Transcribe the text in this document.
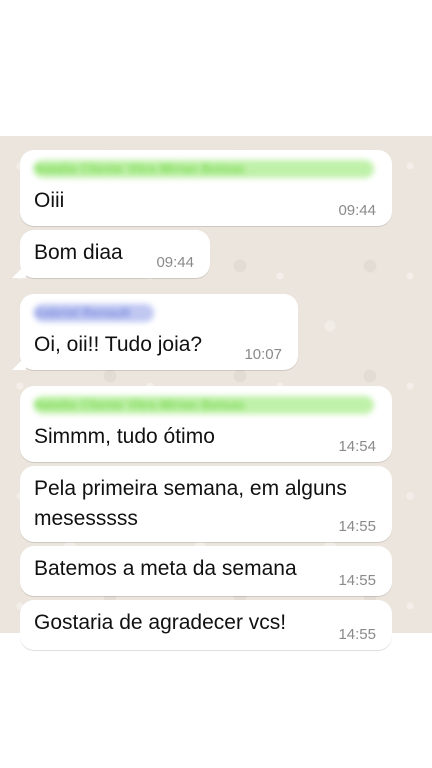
Natalia Cliente Vitra Mirian Botsas
Oiii	09:44
Bom diaa 09:44
Gabriel Renault
Oi, oii!! Tudo joia?	10:07
Natalia Cliente Vitra Mirian Botsas
Simmm, tudo ótimo	14:54
Pela primeira semana, em alguns
mesesssss	14:55
Batemos a meta da semana
14:55
Gostaria de agradecer vcs!
14:55
